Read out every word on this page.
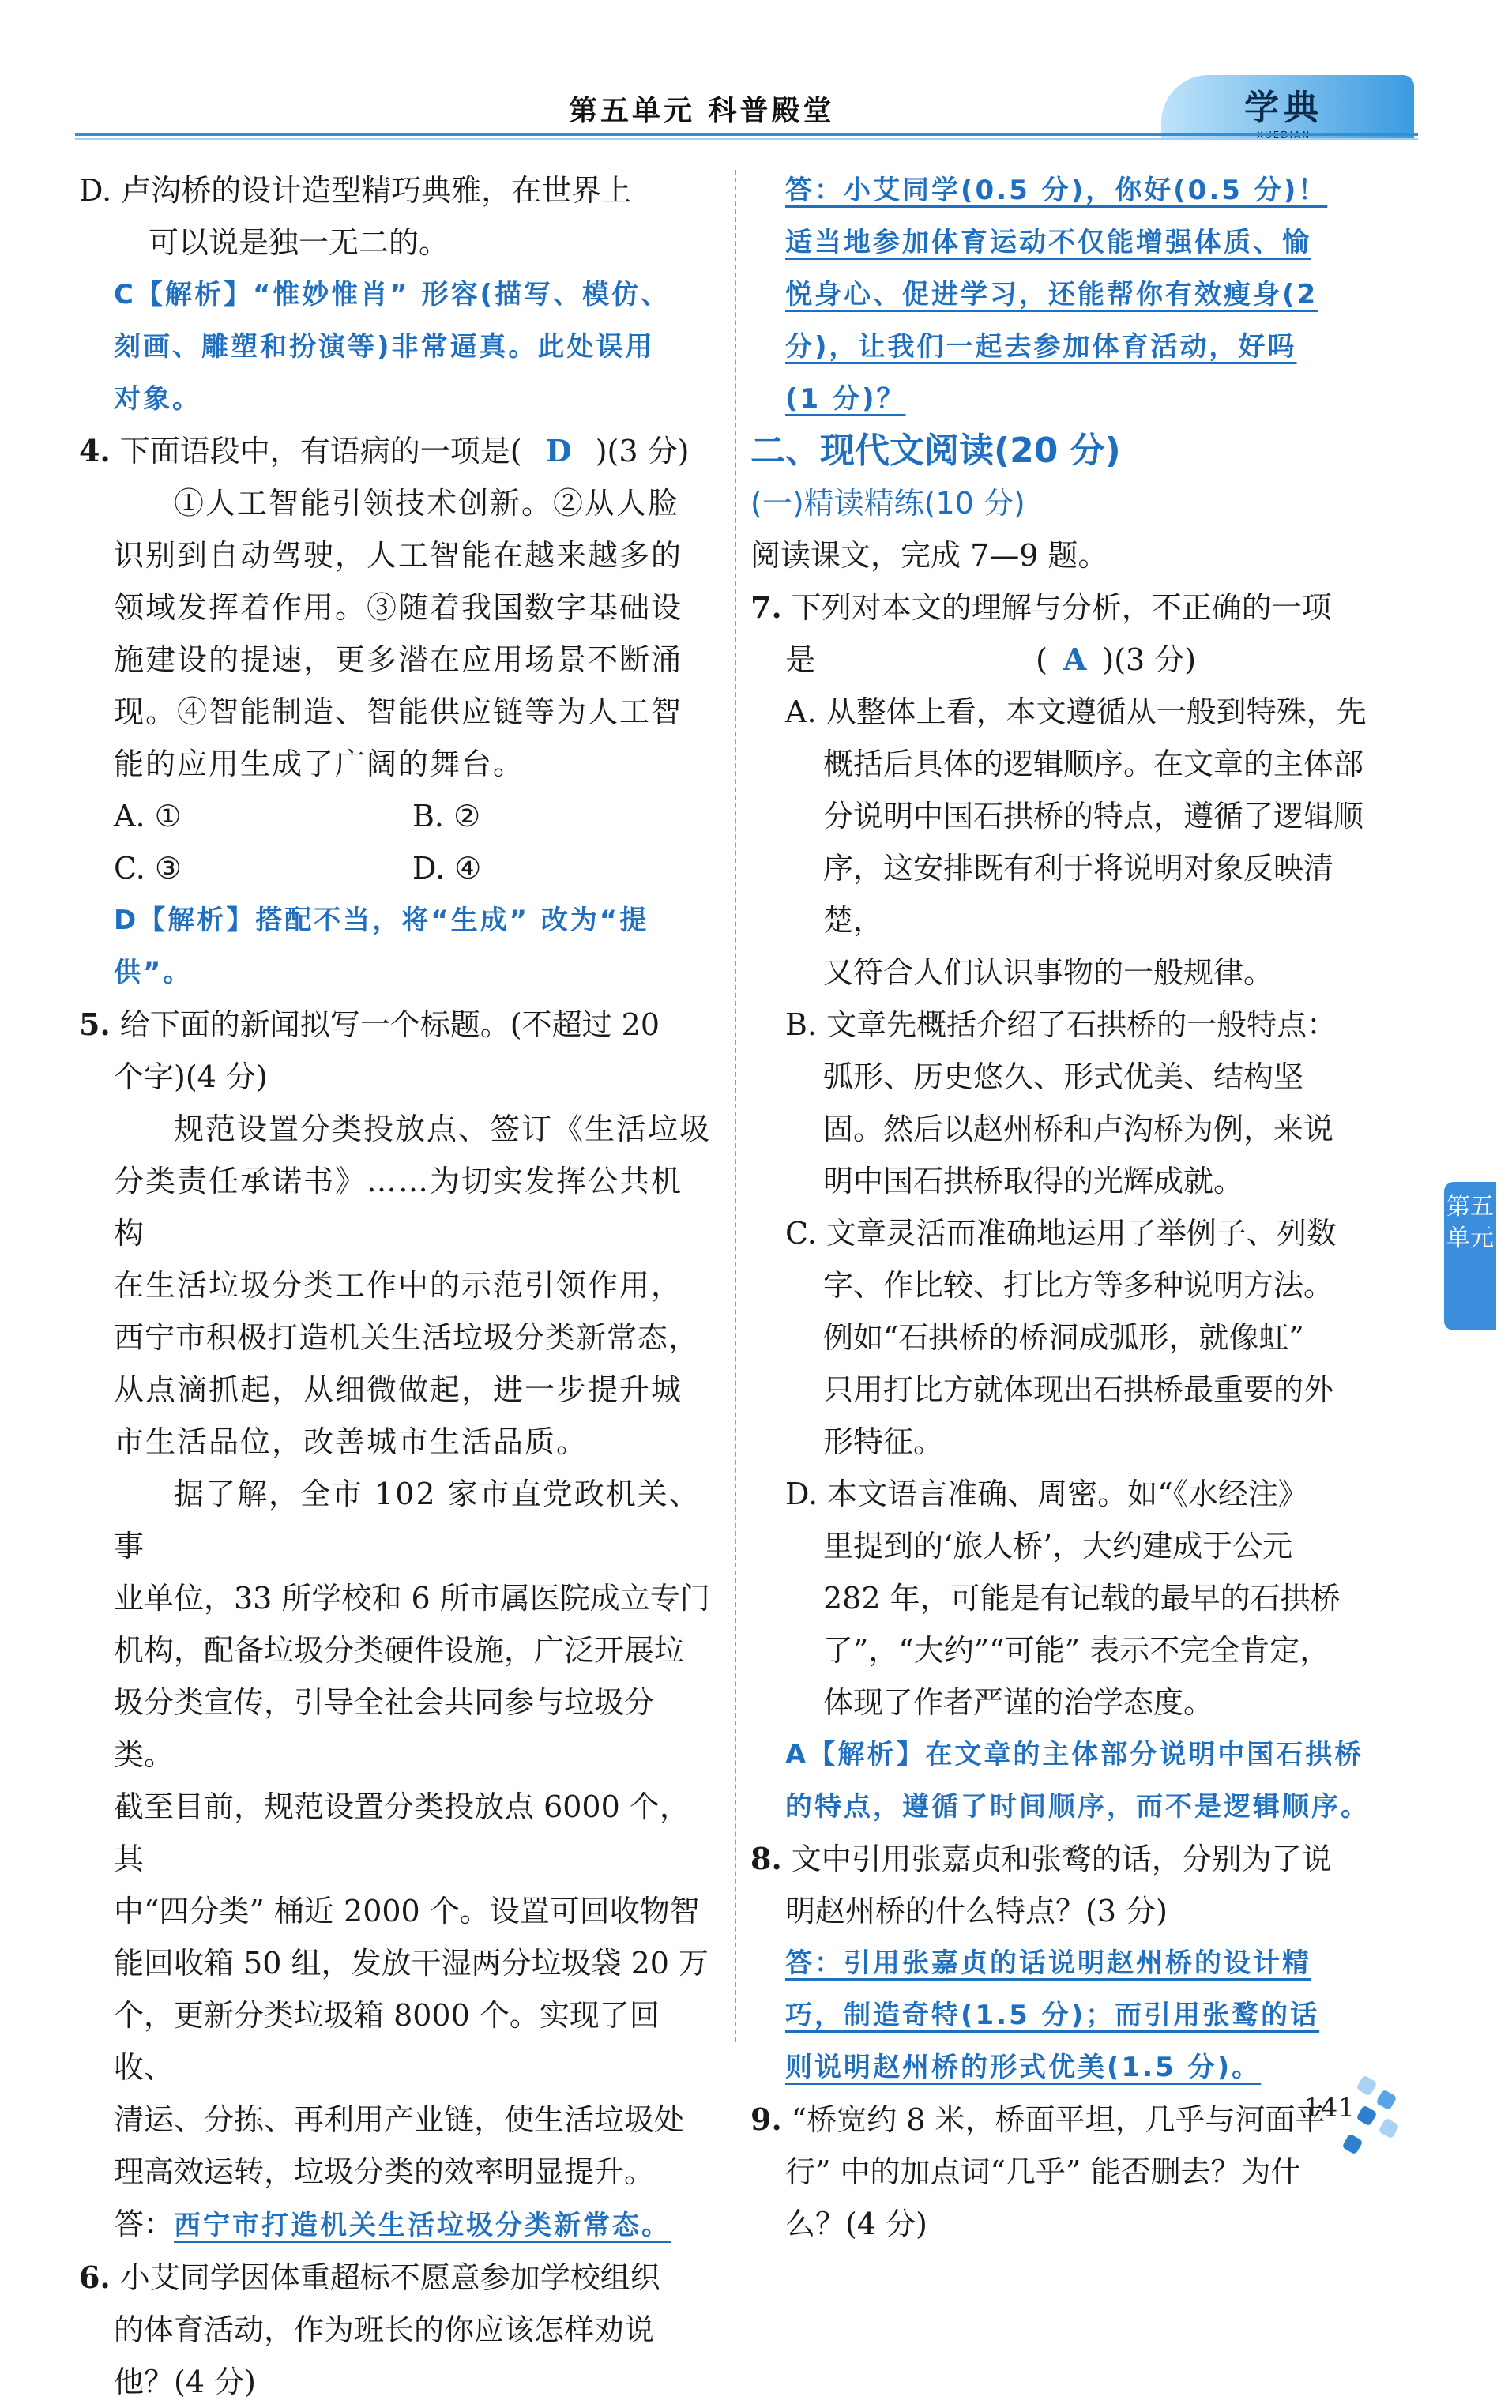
学典
第五单元 科普殿堂

D. 卢沟桥的设计造型精巧典雅，在世界上

可以说是独一无二的。

C【解析】“惟妙惟肖” 形容(描写、模仿、

刻画、雕塑和扮演等)非常逼真。此处误用

对象。

4. 下面语段中，有语病的一项是( D )(3 分)

①人工智能引领技术创新。②从人脸

识别到自动驾驶，人工智能在越来越多的

领域发挥着作用。③随着我国数字基础设

施建设的提速，更多潜在应用场景不断涌

现。④智能制造、智能供应链等为人工智

能的应用生成了广阔的舞台。

A. ①	B. ②
C. ③	D. ④

D【解析】搭配不当，将“生成” 改为“提供”。

5. 给下面的新闻拟写一个标题。(不超过 20

个字)(4 分)

规范设置分类投放点、签订《生活垃圾

分类责任承诺书》……为切实发挥公共机构

在生活垃圾分类工作中的示范引领作用，

西宁市积极打造机关生活垃圾分类新常态，

从点滴抓起，从细微做起，进一步提升城

市生活品位，改善城市生活品质。

据了解，全市 102 家市直党政机关、事

业单位，33 所学校和 6 所市属医院成立专门

机构，配备垃圾分类硬件设施，广泛开展垃

圾分类宣传，引导全社会共同参与垃圾分类。

截至目前，规范设置分类投放点 6000 个，其

中“四分类” 桶近 2000 个。设置可回收物智

能回收箱 50 组，发放干湿两分垃圾袋 20 万

个，更新分类垃圾箱 8000 个。实现了回收、

清运、分拣、再利用产业链，使生活垃圾处

理高效运转，垃圾分类的效率明显提升。

答：西宁市打造机关生活垃圾分类新常态。

6. 小艾同学因体重超标不愿意参加学校组织

的体育活动，作为班长的你应该怎样劝说

他？(4 分)

答：小艾同学(0.5 分)，你好(0.5 分)！

适当地参加体育运动不仅能增强体质、愉

悦身心、促进学习，还能帮你有效瘦身(2

分)，让我们一起去参加体育活动，好吗

(1 分)？

二、现代文阅读(20 分)

(一)精读精练(10 分)

阅读课文，完成 7—9 题。

7. 下列对本文的理解与分析，不正确的一项

是	( A )(3 分)

A. 从整体上看，本文遵循从一般到特殊，先

概括后具体的逻辑顺序。在文章的主体部

分说明中国石拱桥的特点，遵循了逻辑顺

序，这安排既有利于将说明对象反映清楚，

又符合人们认识事物的一般规律。

B. 文章先概括介绍了石拱桥的一般特点：

弧形、历史悠久、形式优美、结构坚

固。然后以赵州桥和卢沟桥为例，来说

明中国石拱桥取得的光辉成就。

C. 文章灵活而准确地运用了举例子、列数

字、作比较、打比方等多种说明方法。

例如“石拱桥的桥洞成弧形，就像虹”

只用打比方就体现出石拱桥最重要的外

形特征。

D. 本文语言准确、周密。如“《水经注》

里提到的‘旅人桥’，大约建成于公元

282 年，可能是有记载的最早的石拱桥

了”，“大约”“可能” 表示不完全肯定，

体现了作者严谨的治学态度。

A【解析】在文章的主体部分说明中国石拱桥

的特点，遵循了时间顺序，而不是逻辑顺序。

8. 文中引用张嘉贞和张鹜的话，分别为了说

明赵州桥的什么特点？(3 分)

答：引用张嘉贞的话说明赵州桥的设计精

巧，制造奇特(1.5 分)；而引用张鹜的话

则说明赵州桥的形式优美(1.5 分)。

9. “桥宽约 8 米，桥面平坦，几乎与河面平

行” 中的加点词“几乎” 能否删去？为什

么？(4 分)

第五单元
141
